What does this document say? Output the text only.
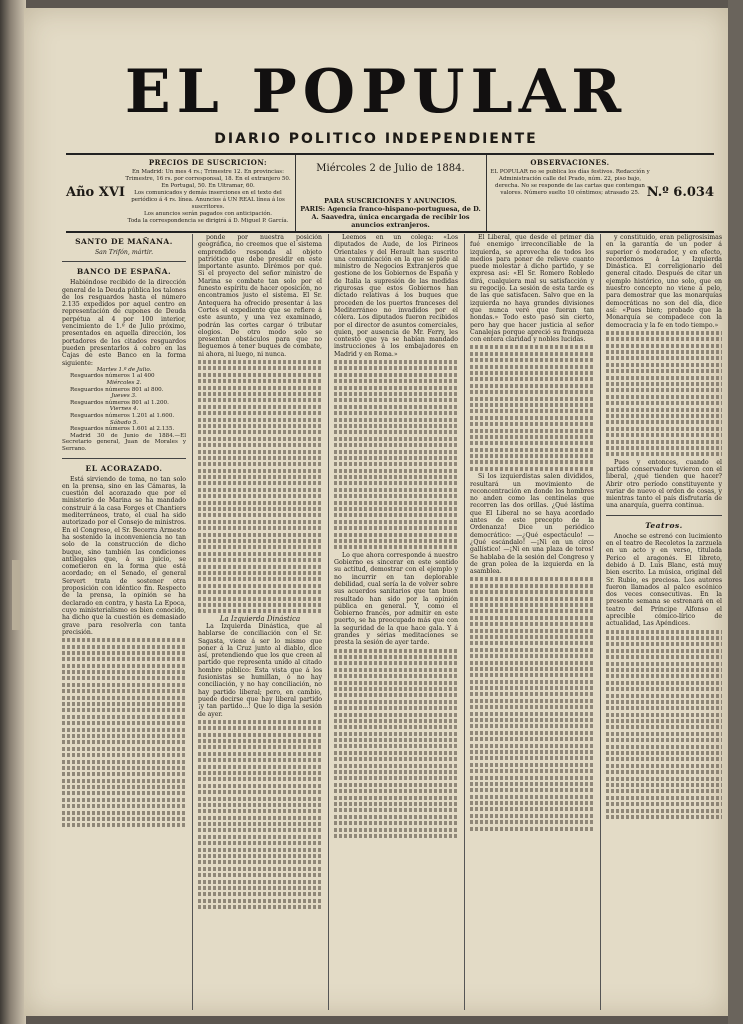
EL POPULAR
DIARIO POLITICO INDEPENDIENTE
Año XVI
PRECIOS DE SUSCRICION:
En Madrid: Un mes 4 rs.; Trimestre 12. En provincias: Trimestre, 16 rs. por corresponsal, 18. En el extranjero 50. En Portugal, 50. En Ultramar, 60.
Los comunicados y demás inserciones en el texto del periódico á 4 rs. línea. Anuncios á UN REAL línea á los suscritores.
Los anuncios serán pagados con anticipación.
Toda la correspondencia se dirigirá á D. Miguel P. García.
Miércoles 2 de Julio de 1884.
PARA SUSCRICIONES Y ANUNCIOS.
PARIS: Agencia franco-hispano-portuguesa, de D. A. Saavedra, única encargada de recibir los anuncios extranjeros.
OBSERVACIONES.
EL POPULAR no se publica los días festivos. Redacción y Administración calle del Prado, núm. 22, piso bajo, derecha. No se responde de las cartas que contengan valores. Número suelto 10 céntimos; atrasado 25. N.º 6.034
SANTO DE MAÑANA.

San Trifón, mártir.

BANCO DE ESPAÑA.

Habiéndose recibido de la dirección general de la Deuda pública los talones de los resguardos hasta el número 2.135 expedidos por aquel centro en representación de cupones de Deuda perpétua al 4 por 100 interior, vencimiento de 1.º de Julio próximo, presentados en aquella dirección, los portadores de los citados resguardos pueden presentarlos á cobro en las Cajas de este Banco en la forma siguiente:

Martes 1.º de Julio.

Resguardos números 1 al 400

Miércoles 2.

Resguardos números 801 al 800.

Jueves 3.

Resguardos números 801 al 1.200.

Viernes 4.

Resguardos números 1.201 al 1.600.

Sábado 5.

Resguardos números 1.601 al 2.135.

Madrid 30 de Junio de 1884.—El Secretario general, Juan de Morales y Serrano.

EL ACORAZADO.

Está sirviendo de toma, no tan solo en la prensa, sino en las Cámaras, la cuestión del acorazado que por el ministerio de Marina se ha mandado construir á la casa Forges et Chantiers mediterráneos, trato, el cual ha sido autorizado por el Consejo de ministros. En el Congreso, el Sr. Becerra Armesto ha sostenido la inconveniencia no tan solo de la construcción de dicho buque, sino también las condiciones antilegales que, á su juicio, se cometieron en la forma que está acordado; en el Senado, el general Servert trata de sostener otra proposición con idéntico fin. Respecto de la prensa, la opinión se ha declarado en contra, y hasta La Epoca, cuyo ministerialismo es bien conocido, ha dicho que la cuestión es demasiado grave para resolverla con tanta precisión.

ponde por nuestra posición geográfica, no creemos que el sistema emprendido responda al objeto patriótico que debe presidir en este importante asunto. Dirémos por qué. Si el proyecto del señor ministro de Marina se combate tan solo por el funesto espíritu de hacer oposición, no encontramos justo el sistema. El Sr. Antequera ha ofrecido presentar á las Cortes el expediente que se refiere á este asunto, y una vez examinado, podrán las cortes cargar ó tributar elogios. De otro modo solo se presentan obstáculos para que no lleguemos á tener buques de combate, ni ahora, ni luego, ni nunca.

La Izquierda Dinástica

La Izquierda Dinástica, que al hablarse de conciliación con el Sr. Sagasta, viene á ser lo mismo que poner á la Cruz junto al diablo, dice así, pretendiendo que los que creen al partido que representa unido al citado hombre público: Esta vista que á los fusionistas se humillan, ó no hay conciliación, y no hay conciliación, no hay partido liberal; pero, en cambio, puede decirse que hay liberal partido ¡y tan partido...! Que lo diga la sesión de ayer.

Leemos en un colega: «Los diputados de Aude, de los Pirineos Orientales y del Herault han suscrito una comunicación en la que se pide al ministro de Negocios Extranjeros que gestione de los Gobiernos de España y de Italia la supresión de las medidas rigurosas que estos Gobiernos han dictado relativas á los buques que proceden de los puertos franceses del Mediterráneo no invadidos por el cólera. Los diputados fueron recibidos por el director de asuntos comerciales, quien, por ausencia de Mr. Ferry, les contestó que ya se habían mandado instrucciones á los embajadores en Madrid y en Roma.»

Lo que ahora corresponde á nuestro Gobierno es sincerar en este sentido su actitud, demostrar con el ejemplo y no incurrir en tan deplorable debilidad, cual sería la de volver sobre sus acuerdos sanitarios que tan buen resultado han sido por la opinión pública en general. Y, como el Gobierno francés, por admitir en este puerto, se ha preocupado más que con la seguridad de la que hace gala. Y á grandes y sérias meditaciones se presta la sesión de ayer tarde.

El Liberal, que desde el primer día fué enemigo irreconciliable de la izquierda, se aprovecha de todos los medios para poner de relieve cuanto puede molestar á dicho partido, y se expresa así: «El Sr. Romero Robledo dirá, cualquiera mal su satisfacción y su regocijo. La sesión de esta tarde es de las que satisfacen. Salvo que en la izquierda no haya grandes divisiones que nunca veré que fueran tan hondas.» Todo esto pasó sin cierto, pero hay que hacer justicia al señor Canalejas porque apreció su franqueza con entera claridad y nobles lucidas.

Si los izquierdistas salen divididos, resultará un movimiento de reconcentración en donde los hombres no anden como las centinelas que recorren las dos orillas. ¿Qué lástima que El Liberal no se haya acordado antes de este precepto de la Ordenanza! Dice un periódico democrático: —¿Qué espectáculo! —¿Qué escándalo! —¡Ni en un circo gallístico! —¡Ni en una plaza de toros! Se hablaba de la sesión del Congreso y de gran polea de la izquierda en la asamblea.

y constituido, eran peligrosísimas en la garantía de un poder á superior ó moderador, y en efecto, recordemos á La Izquierda Dinástica. El correligionario del general citado. Después de citar un ejemplo histórico, uno solo, que en nuestro concepto no viene á pelo, para demostrar que las monarquías democráticas no son del día, dice así: «Pues bien; probado que la Monarquía se compadece con la democracia y la fe en todo tiempo.»

Pues y entonces, cuando el partido conservador tuvieron con el liberal, ¿qué tienden que hacer? Abrir otro período constituyente y variar de nuevo el orden de cosas, y mientras tanto el país disfrutaría de una anarquía, guerra continua.

Teatros.

Anoche se estrenó con lucimiento en el teatro de Recoletos la zarzuela en un acto y en verso, titulada Perico el aragonés. El libreto, debido á D. Luis Blanc, está muy bien escrito. La música, original del Sr. Rubio, es preciosa. Los autores fueron llamados al palco escénico dos veces consecutivas. En la presente semana se estrenará en el teatro del Príncipe Alfonso el aprecible cómico-lírico de actualidad, Las Apéndices.
